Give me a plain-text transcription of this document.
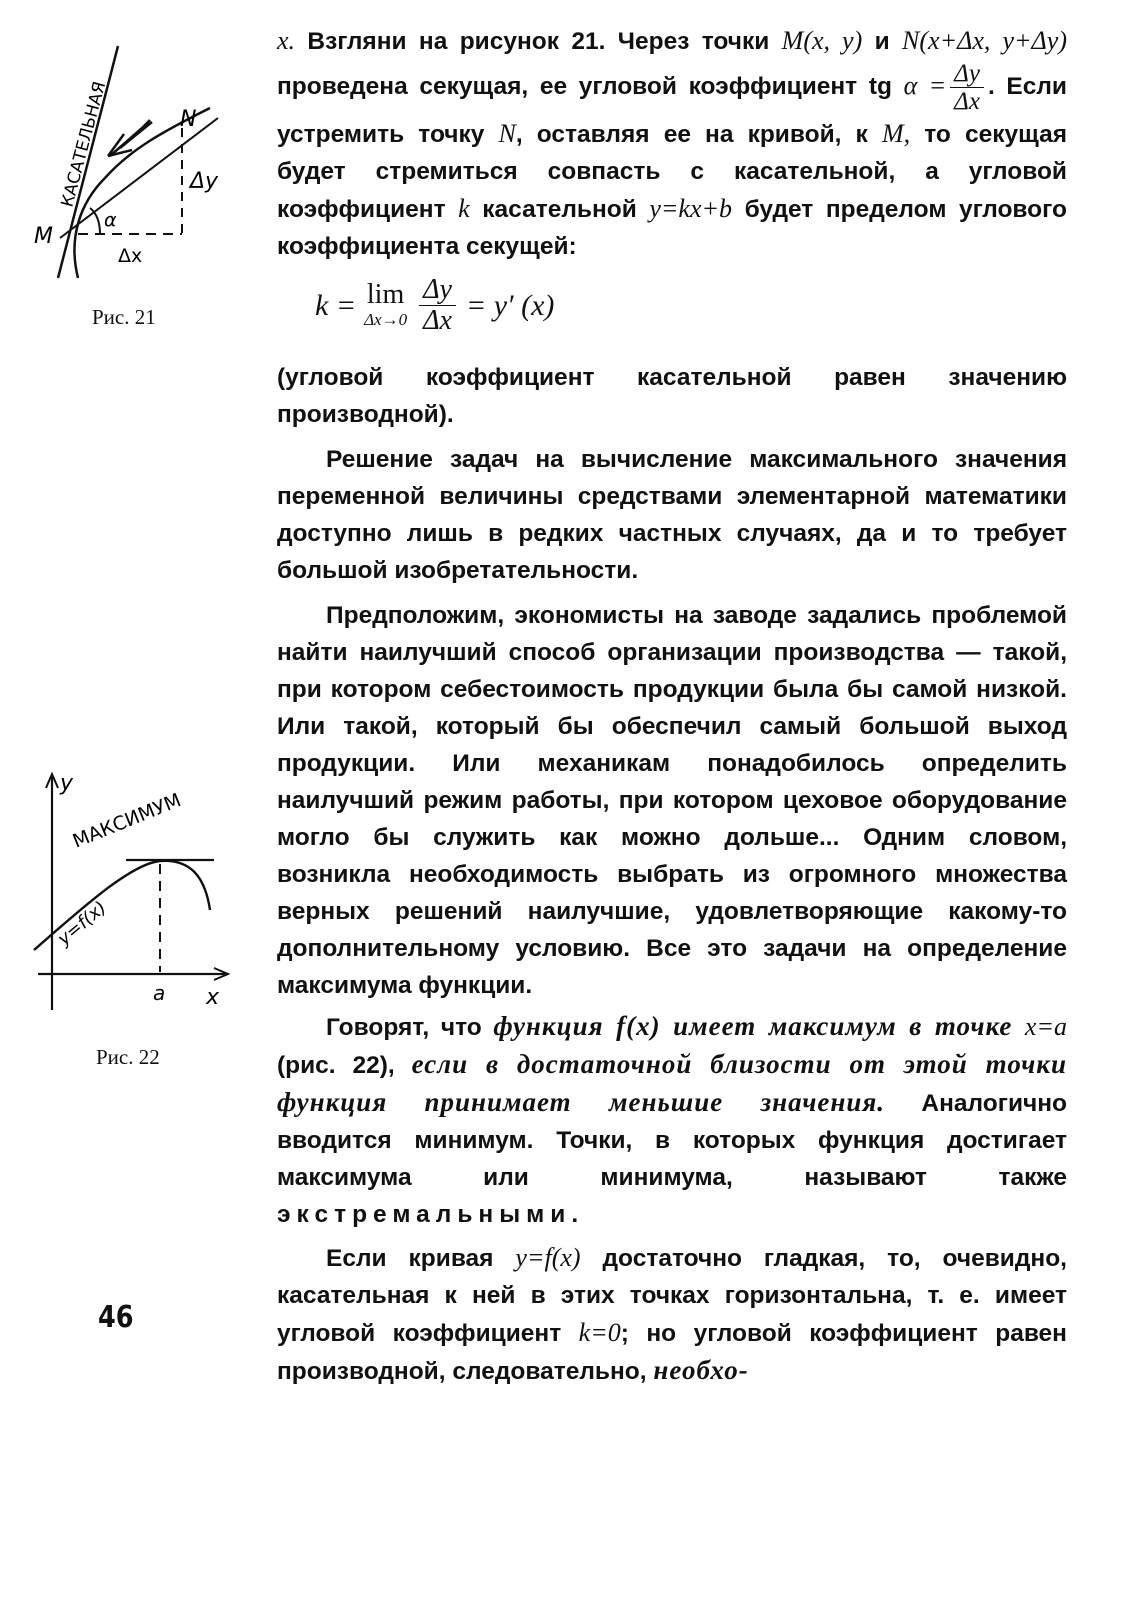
КАСАТЕЛЬНАЯ
M
N
α
Δx
Δy
Рис. 21
y
МАКСИМУМ
y=f(x)
a x
Рис. 22
46

x. Взгляни на рисунок 21. Через точки M(x, y) и N(x+Δx, y+Δy) проведена секущая, ее угловой коэффициент tg $\alpha = \frac{\Delta y}{\Delta x}$ . Если устремить точку N, оставляя ее на кривой, к M, то секущая будет стремиться совпасть с касательной, а угловой коэффициент k касательной y=kx+b будет пределом углового коэффициента секущей:

k = lim
$\Delta x\to 0 \frac{\Delta y}{\Delta x} = y'$ (x)

(угловой коэффициент касательной равен значению производной).

Решение задач на вычисление максимального значения переменной величины средствами элементарной математики доступно лишь в редких частных случаях, да и то требует большой изобретательности.

Предположим, экономисты на заводе задались проблемой найти наилучший способ организации производства — такой, при котором себестоимость продукции была бы самой низкой. Или такой, который бы обеспечил самый большой выход продукции. Или механикам понадобилось определить наилучший режим работы, при котором цеховое оборудование могло бы служить как можно дольше... Одним словом, возникла необходимость выбрать из огромного множества верных решений наилучшие, удовлетворяющие какому-то дополнительному условию. Все это задачи на определение максимума функции.

Говорят, что функция f(x) имеет максимум в точке x=a (рис. 22), если в достаточной близости от этой точки функция принимает меньшие значения. Аналогично вводится минимум. Точки, в которых функция достигает максимума или минимума, называют также экстремальными.

Если кривая y=f(x) достаточно гладкая, то, очевидно, касательная к ней в этих точках горизонтальна, т. е. имеет угловой коэффициент k=0; но угловой коэффициент равен производной, следовательно, необхо-
